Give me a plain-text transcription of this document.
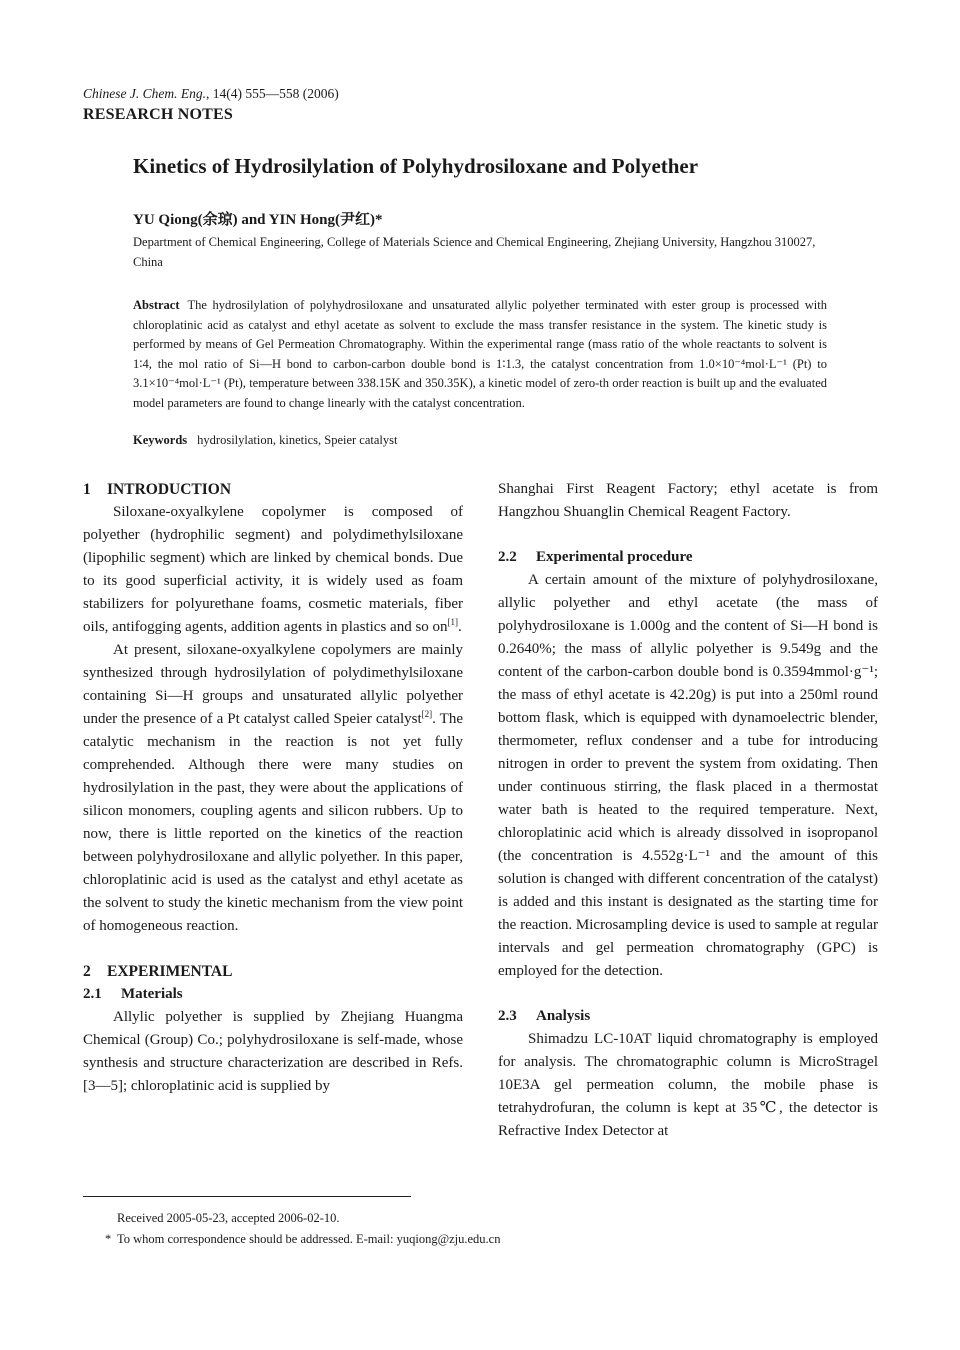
Chinese J. Chem. Eng., 14(4) 555—558 (2006)
RESEARCH NOTES
Kinetics of Hydrosilylation of Polyhydrosiloxane and Polyether
YU Qiong(余琼) and YIN Hong(尹红)*
Department of Chemical Engineering, College of Materials Science and Chemical Engineering, Zhejiang University, Hangzhou 310027, China
Abstract The hydrosilylation of polyhydrosiloxane and unsaturated allylic polyether terminated with ester group is processed with chloroplatinic acid as catalyst and ethyl acetate as solvent to exclude the mass transfer resistance in the system. The kinetic study is performed by means of Gel Permeation Chromatography. Within the experimental range (mass ratio of the whole reactants to solvent is 1∶4, the mol ratio of Si—H bond to carbon-carbon double bond is 1∶1.3, the catalyst concentration from 1.0×10⁻⁴mol·L⁻¹ (Pt) to 3.1×10⁻⁴mol·L⁻¹ (Pt), temperature between 338.15K and 350.35K), a kinetic model of zero-th order reaction is built up and the evaluated model parameters are found to change linearly with the catalyst concentration.
Keywords hydrosilylation, kinetics, Speier catalyst
1 INTRODUCTION

Siloxane-oxyalkylene copolymer is composed of polyether (hydrophilic segment) and polydimethylsiloxane (lipophilic segment) which are linked by chemical bonds. Due to its good superficial activity, it is widely used as foam stabilizers for polyurethane foams, cosmetic materials, fiber oils, antifogging agents, addition agents in plastics and so on[1].

At present, siloxane-oxyalkylene copolymers are mainly synthesized through hydrosilylation of polydimethylsiloxane containing Si—H groups and unsaturated allylic polyether under the presence of a Pt catalyst called Speier catalyst[2]. The catalytic mechanism in the reaction is not yet fully comprehended. Although there were many studies on hydrosilylation in the past, they were about the applications of silicon monomers, coupling agents and silicon rubbers. Up to now, there is little reported on the kinetics of the reaction between polyhydrosiloxane and allylic polyether. In this paper, chloroplatinic acid is used as the catalyst and ethyl acetate as the solvent to study the kinetic mechanism from the view point of homogeneous reaction.

2 EXPERIMENTAL
2.1 Materials

Allylic polyether is supplied by Zhejiang Huangma Chemical (Group) Co.; polyhydrosiloxane is self-made, whose synthesis and structure characterization are described in Refs.[3—5]; chloroplatinic acid is supplied by

Shanghai First Reagent Factory; ethyl acetate is from Hangzhou Shuanglin Chemical Reagent Factory.

2.2 Experimental procedure

A certain amount of the mixture of polyhydrosiloxane, allylic polyether and ethyl acetate (the mass of polyhydrosiloxane is 1.000g and the content of Si—H bond is 0.2640%; the mass of allylic polyether is 9.549g and the content of the carbon-carbon double bond is 0.3594mmol·g⁻¹; the mass of ethyl acetate is 42.20g) is put into a 250ml round bottom flask, which is equipped with dynamoelectric blender, thermometer, reflux condenser and a tube for introducing nitrogen in order to prevent the system from oxidating. Then under continuous stirring, the flask placed in a thermostat water bath is heated to the required temperature. Next, chloroplatinic acid which is already dissolved in isopropanol (the concentration is 4.552g·L⁻¹ and the amount of this solution is changed with different concentration of the catalyst) is added and this instant is designated as the starting time for the reaction. Microsampling device is used to sample at regular intervals and gel permeation chromatography (GPC) is employed for the detection.

2.3 Analysis

Shimadzu LC-10AT liquid chromatography is employed for analysis. The chromatographic column is MicroStragel 10E3A gel permeation column, the mobile phase is tetrahydrofuran, the column is kept at 35℃, the detector is Refractive Index Detector at

Received 2005-05-23, accepted 2006-02-10.
* To whom correspondence should be addressed. E-mail: yuqiong@zju.edu.cn
